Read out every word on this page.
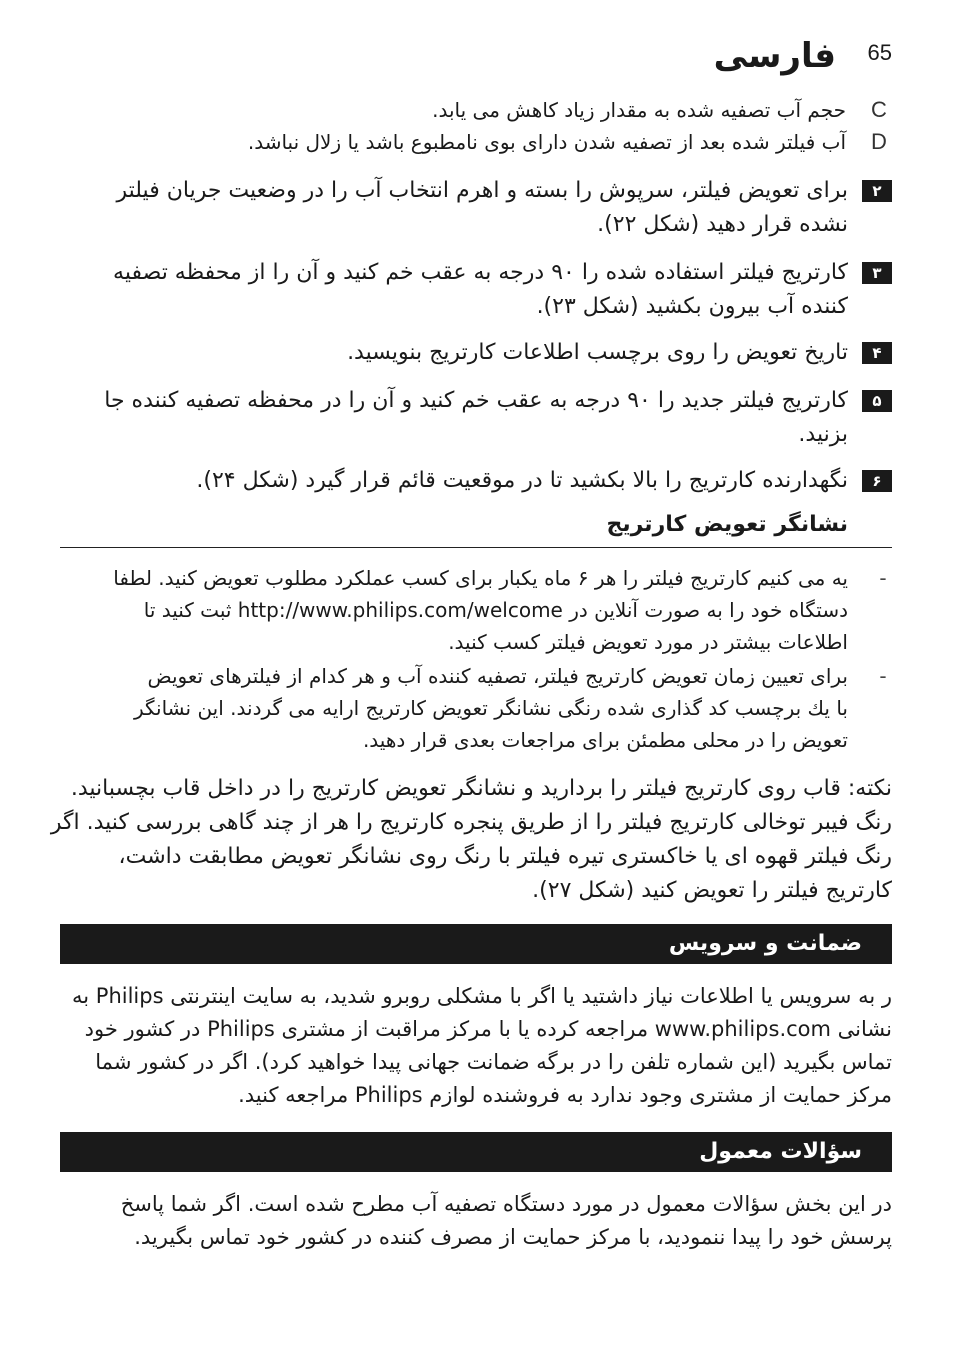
فارسی 65
C
حجم آب تصفیه شده به مقدار زیاد کاهش می یابد.
D
آب فیلتر شده بعد از تصفیه شدن دارای بوی نامطبوع باشد یا زلال نباشد.
۲
برای تعویض فیلتر، سرپوش را بسته و اهرم انتخاب آب را در وضعیت جریان فیلتر
نشده قرار دهید (شکل ۲۲).
۳
کارتریج فیلتر استفاده شده را ۹۰ درجه به عقب خم کنید و آن را از محفظه تصفیه
کننده آب بیرون بکشید (شکل ۲۳).
۴
تاریخ تعویض را روی برچسب اطلاعات کارتریج بنویسید.
۵
کارتریج فیلتر جدید را ۹۰ درجه به عقب خم کنید و آن را در محفظه تصفیه کننده جا
بزنید.
۶
نگهدارنده کارتریج را بالا بکشید تا در موقعیت قائم قرار گیرد (شکل ۲۴).
نشانگر تعویض کارتریج
-
یه می کنیم کارتریج فیلتر را هر ۶ ماه یکبار برای کسب عملکرد مطلوب تعویض کنید. لطفا
دستگاه خود را به صورت آنلاین در http://www.philips.com/welcome ثبت کنید تا
اطلاعات بیشتر در مورد تعویض فیلتر کسب کنید.
-
برای تعیین زمان تعویض کارتریج فیلتر، تصفیه کننده آب و هر کدام از فیلترهای تعویض
با یك برچسب کد گذاری شده رنگی نشانگر تعویض کارتریج ارایه می گردند. این نشانگر
تعویض را در محلی مطمئن برای مراجعات بعدی قرار دهید.
نکته: قاب روی کارتریج فیلتر را بردارید و نشانگر تعویض کارتریج را در داخل قاب بچسبانید.
رنگ فیبر توخالی کارتریج فیلتر را از طریق پنجره کارتریج را هر از چند گاهی بررسی کنید. اگر
رنگ فیلتر قهوه ای یا خاکستری تیره فیلتر با رنگ روی نشانگر تعویض مطابقت داشت،
کارتریج فیلتر را تعویض کنید (شکل ۲۷).
ضمانت و سرویس
ر به سرویس یا اطلاعات نیاز داشتید یا اگر با مشکلی روبرو شدید، به سایت اینترنتی Philips به
نشانی www.philips.com مراجعه کرده یا با مرکز مراقبت از مشتری Philips در کشور خود
تماس بگیرید (این شماره تلفن را در برگه ضمانت جهانی پیدا خواهید کرد). اگر در کشور شما
مرکز حمایت از مشتری وجود ندارد به فروشنده لوازم Philips مراجعه کنید.
سؤالات معمول
در این بخش سؤالات معمول در مورد دستگاه تصفیه آب مطرح شده است. اگر شما پاسخ
پرسش خود را پیدا ننمودید، با مرکز حمایت از مصرف کننده در کشور خود تماس بگیرید.
